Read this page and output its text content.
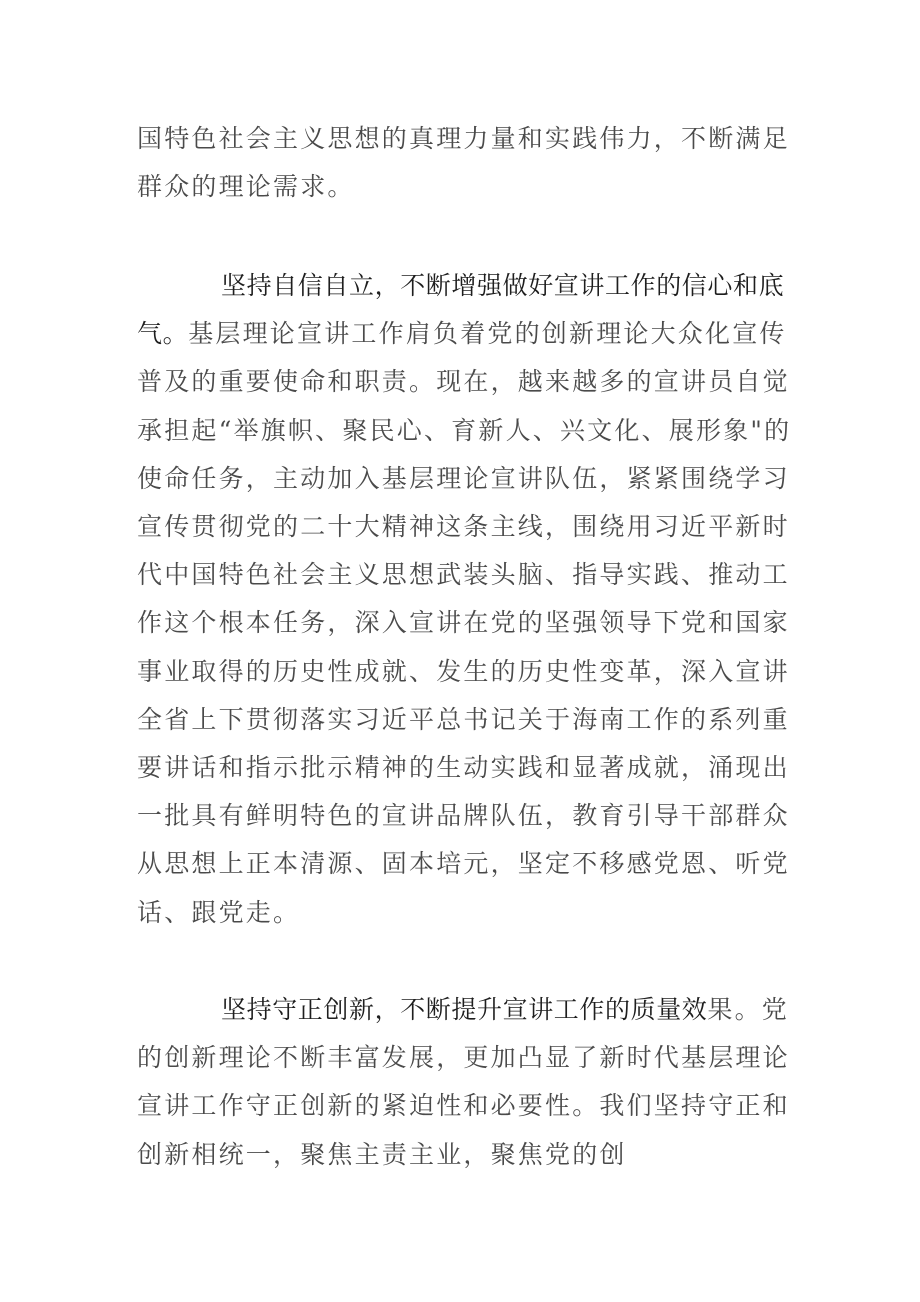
国特色社会主义思想的真理力量和实践伟力，不断满足
群众的理论需求。
坚持自信自立，不断增强做好宣讲工作的信心和底
气。基层理论宣讲工作肩负着党的创新理论大众化宣传
普及的重要使命和职责。现在，越来越多的宣讲员自觉
承担起“举旗帜、聚民心、育新人、兴文化、展形象"的
使命任务，主动加入基层理论宣讲队伍，紧紧围绕学习
宣传贯彻党的二十大精神这条主线，围绕用习近平新时
代中国特色社会主义思想武装头脑、指导实践、推动工
作这个根本任务，深入宣讲在党的坚强领导下党和国家
事业取得的历史性成就、发生的历史性变革，深入宣讲
全省上下贯彻落实习近平总书记关于海南工作的系列重
要讲话和指示批示精神的生动实践和显著成就，涌现出
一批具有鲜明特色的宣讲品牌队伍，教育引导干部群众
从思想上正本清源、固本培元，坚定不移感党恩、听党
话、跟党走。
坚持守正创新，不断提升宣讲工作的质量效果。党
的创新理论不断丰富发展，更加凸显了新时代基层理论
宣讲工作守正创新的紧迫性和必要性。我们坚持守正和
创新相统一，聚焦主责主业，聚焦党的创
